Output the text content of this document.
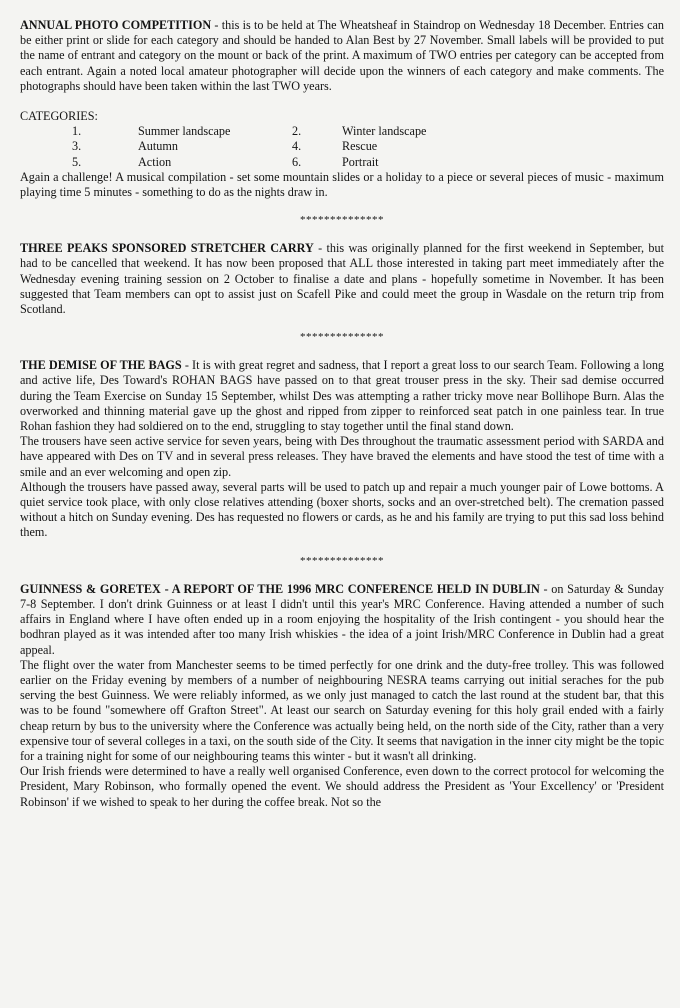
ANNUAL PHOTO COMPETITION - this is to be held at The Wheatsheaf in Staindrop on Wednesday 18 December. Entries can be either print or slide for each category and should be handed to Alan Best by 27 November. Small labels will be provided to put the name of entrant and category on the mount or back of the print. A maximum of TWO entries per category can be accepted from each entrant. Again a noted local amateur photographer will decide upon the winners of each category and make comments. The photographs should have been taken within the last TWO years.

CATEGORIES:

1.	Summer landscape	2.	Winter landscape
3.	Autumn	4.	Rescue
5.	Action	6.	Portrait

Again a challenge! A musical compilation - set some mountain slides or a holiday to a piece or several pieces of music - maximum playing time 5 minutes - something to do as the nights draw in.

**************

THREE PEAKS SPONSORED STRETCHER CARRY - this was originally planned for the first weekend in September, but had to be cancelled that weekend. It has now been proposed that ALL those interested in taking part meet immediately after the Wednesday evening training session on 2 October to finalise a date and plans - hopefully sometime in November. It has been suggested that Team members can opt to assist just on Scafell Pike and could meet the group in Wasdale on the return trip from Scotland.

**************

THE DEMISE OF THE BAGS - It is with great regret and sadness, that I report a great loss to our search Team. Following a long and active life, Des Toward's ROHAN BAGS have passed on to that great trouser press in the sky. Their sad demise occurred during the Team Exercise on Sunday 15 September, whilst Des was attempting a rather tricky move near Bollihope Burn. Alas the overworked and thinning material gave up the ghost and ripped from zipper to reinforced seat patch in one painless tear. In true Rohan fashion they had soldiered on to the end, struggling to stay together until the final stand down.

The trousers have seen active service for seven years, being with Des throughout the traumatic assessment period with SARDA and have appeared with Des on TV and in several press releases. They have braved the elements and have stood the test of time with a smile and an ever welcoming and open zip.

Although the trousers have passed away, several parts will be used to patch up and repair a much younger pair of Lowe bottoms. A quiet service took place, with only close relatives attending (boxer shorts, socks and an over-stretched belt). The cremation passed without a hitch on Sunday evening. Des has requested no flowers or cards, as he and his family are trying to put this sad loss behind them.

**************

GUINNESS & GORETEX - A REPORT OF THE 1996 MRC CONFERENCE HELD IN DUBLIN - on Saturday & Sunday 7-8 September. I don't drink Guinness or at least I didn't until this year's MRC Conference. Having attended a number of such affairs in England where I have often ended up in a room enjoying the hospitality of the Irish contingent - you should hear the bodhran played as it was intended after too many Irish whiskies - the idea of a joint Irish/MRC Conference in Dublin had a great appeal.

The flight over the water from Manchester seems to be timed perfectly for one drink and the duty-free trolley. This was followed earlier on the Friday evening by members of a number of neighbouring NESRA teams carrying out initial seraches for the pub serving the best Guinness. We were reliably informed, as we only just managed to catch the last round at the student bar, that this was to be found "somewhere off Grafton Street". At least our search on Saturday evening for this holy grail ended with a fairly cheap return by bus to the university where the Conference was actually being held, on the north side of the City, rather than a very expensive tour of several colleges in a taxi, on the south side of the City. It seems that navigation in the inner city might be the topic for a training night for some of our neighbouring teams this winter - but it wasn't all drinking.

Our Irish friends were determined to have a really well organised Conference, even down to the correct protocol for welcoming the President, Mary Robinson, who formally opened the event. We should address the President as 'Your Excellency' or 'President Robinson' if we wished to speak to her during the coffee break. Not so the
